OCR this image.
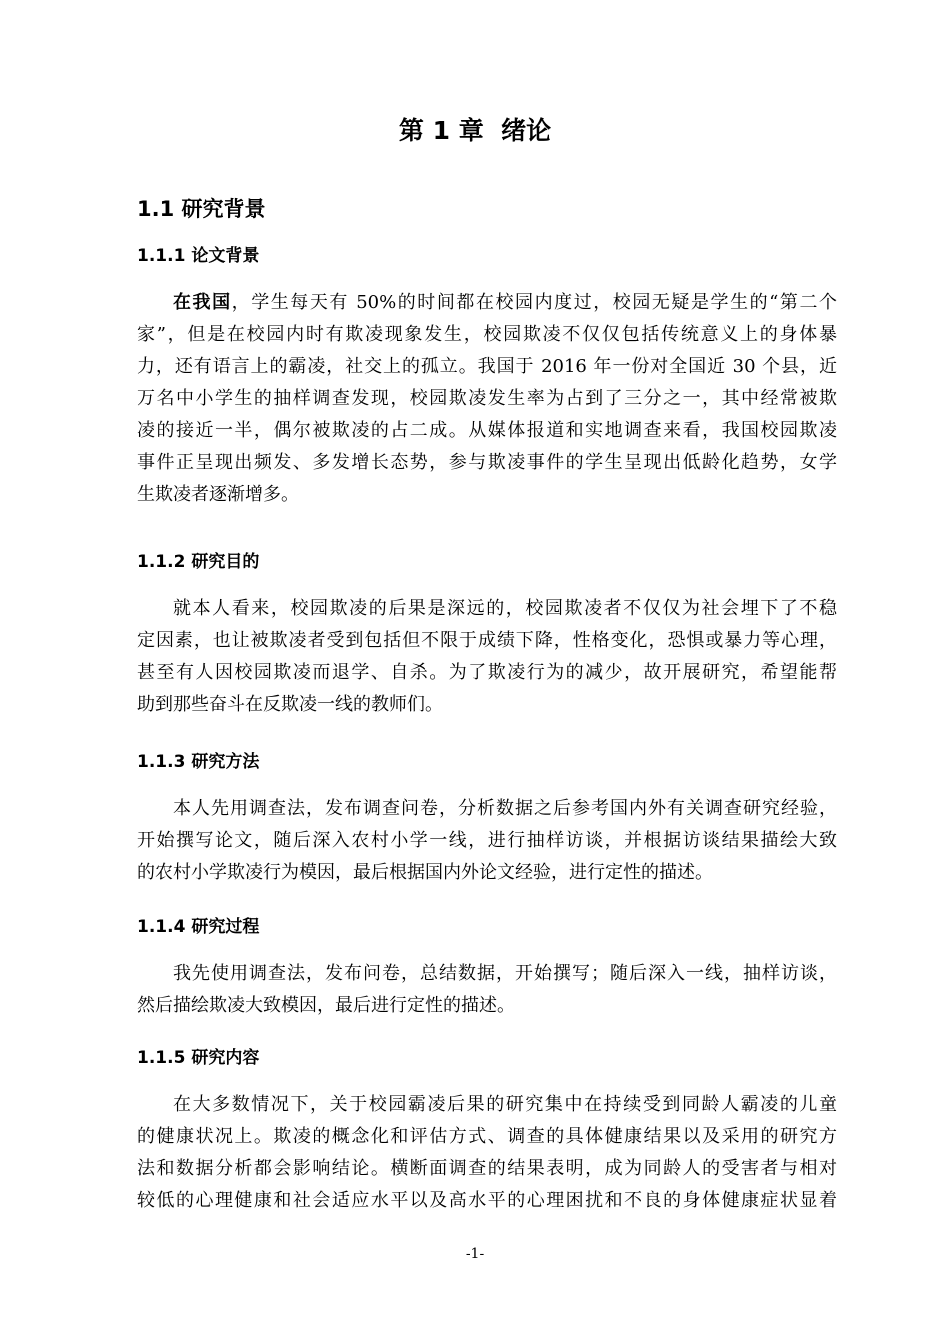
第 1 章  绪论
1.1 研究背景
1.1.1 论文背景
在我国，学生每天有 50%的时间都在校园内度过，校园无疑是学生的“第二个
家”，但是在校园内时有欺凌现象发生，校园欺凌不仅仅包括传统意义上的身体暴
力，还有语言上的霸凌，社交上的孤立。我国于 2016 年一份对全国近 30 个县，近
万名中小学生的抽样调查发现，校园欺凌发生率为占到了三分之一，其中经常被欺
凌的接近一半，偶尔被欺凌的占二成。从媒体报道和实地调查来看，我国校园欺凌
事件正呈现出频发、多发增长态势，参与欺凌事件的学生呈现出低龄化趋势，女学
生欺凌者逐渐增多。
1.1.2 研究目的
就本人看来，校园欺凌的后果是深远的，校园欺凌者不仅仅为社会埋下了不稳
定因素，也让被欺凌者受到包括但不限于成绩下降，性格变化，恐惧或暴力等心理，
甚至有人因校园欺凌而退学、自杀。为了欺凌行为的减少，故开展研究，希望能帮
助到那些奋斗在反欺凌一线的教师们。
1.1.3 研究方法
本人先用调查法，发布调查问卷，分析数据之后参考国内外有关调查研究经验，
开始撰写论文，随后深入农村小学一线，进行抽样访谈，并根据访谈结果描绘大致
的农村小学欺凌行为模因，最后根据国内外论文经验，进行定性的描述。
1.1.4 研究过程
我先使用调查法，发布问卷，总结数据，开始撰写；随后深入一线，抽样访谈，
然后描绘欺凌大致模因，最后进行定性的描述。
1.1.5 研究内容
在大多数情况下，关于校园霸凌后果的研究集中在持续受到同龄人霸凌的儿童
的健康状况上。欺凌的概念化和评估方式、调查的具体健康结果以及采用的研究方
法和数据分析都会影响结论。横断面调查的结果表明，成为同龄人的受害者与相对
较低的心理健康和社会适应水平以及高水平的心理困扰和不良的身体健康症状显着
-1-
